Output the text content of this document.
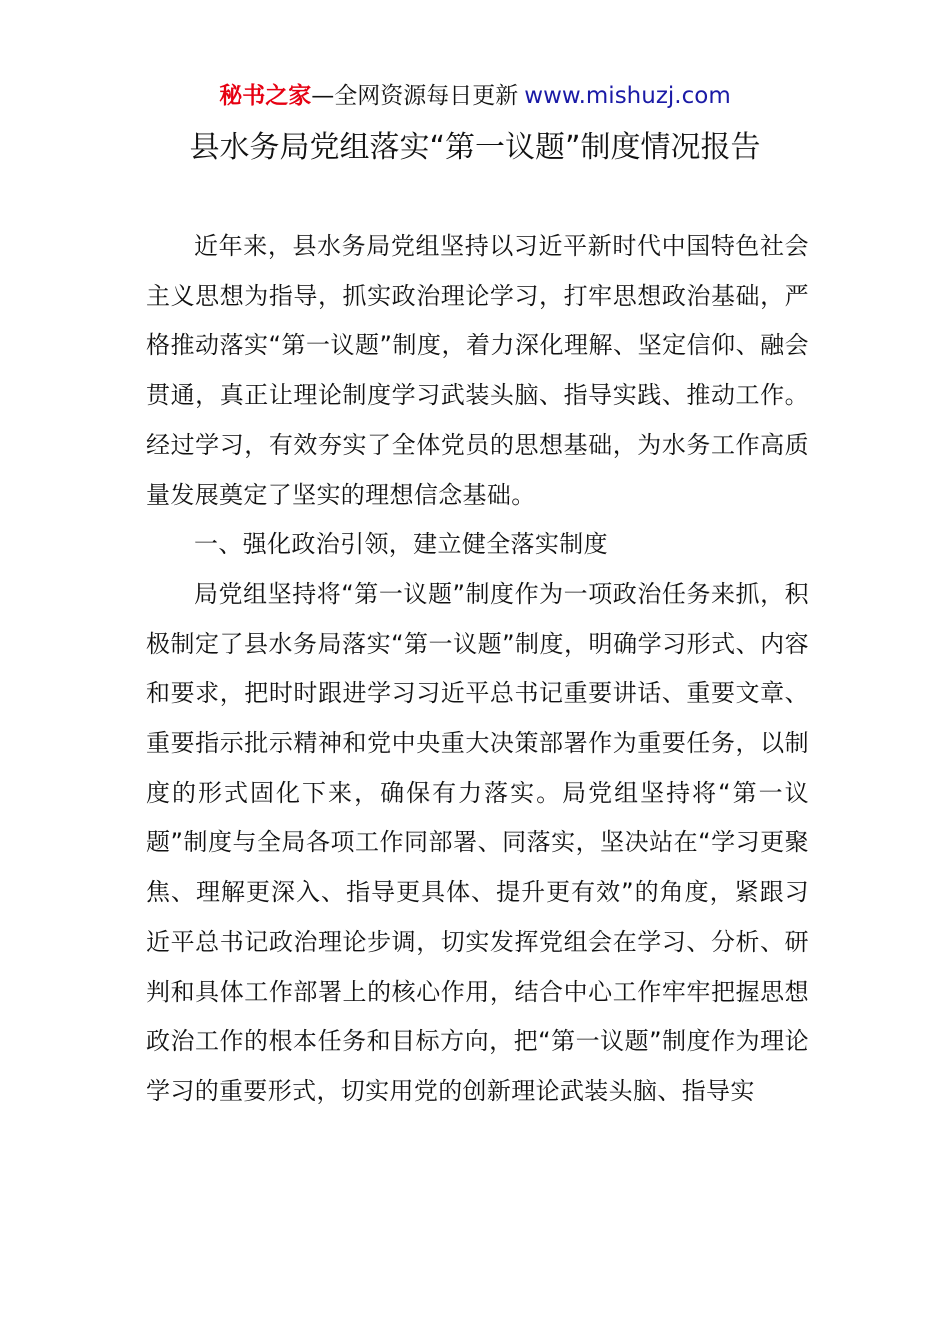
秘书之家—全网资源每日更新 www.mishuzj.com
县水务局党组落实“第一议题”制度情况报告

近年来，县水务局党组坚持以习近平新时代中国特色社会主义思想为指导，抓实政治理论学习，打牢思想政治基础，严格推动落实“第一议题”制度，着力深化理解、坚定信仰、融会贯通，真正让理论制度学习武装头脑、指导实践、推动工作。经过学习，有效夯实了全体党员的思想基础，为水务工作高质量发展奠定了坚实的理想信念基础。

一、强化政治引领，建立健全落实制度

局党组坚持将“第一议题”制度作为一项政治任务来抓，积极制定了县水务局落实“第一议题”制度，明确学习形式、内容和要求，把时时跟进学习习近平总书记重要讲话、重要文章、重要指示批示精神和党中央重大决策部署作为重要任务，以制度的形式固化下来，确保有力落实。局党组坚持将“第一议题”制度与全局各项工作同部署、同落实，坚决站在“学习更聚焦、理解更深入、指导更具体、提升更有效”的角度，紧跟习近平总书记政治理论步调，切实发挥党组会在学习、分析、研判和具体工作部署上的核心作用，结合中心工作牢牢把握思想政治工作的根本任务和目标方向，把“第一议题”制度作为理论学习的重要形式，切实用党的创新理论武装头脑、指导实
